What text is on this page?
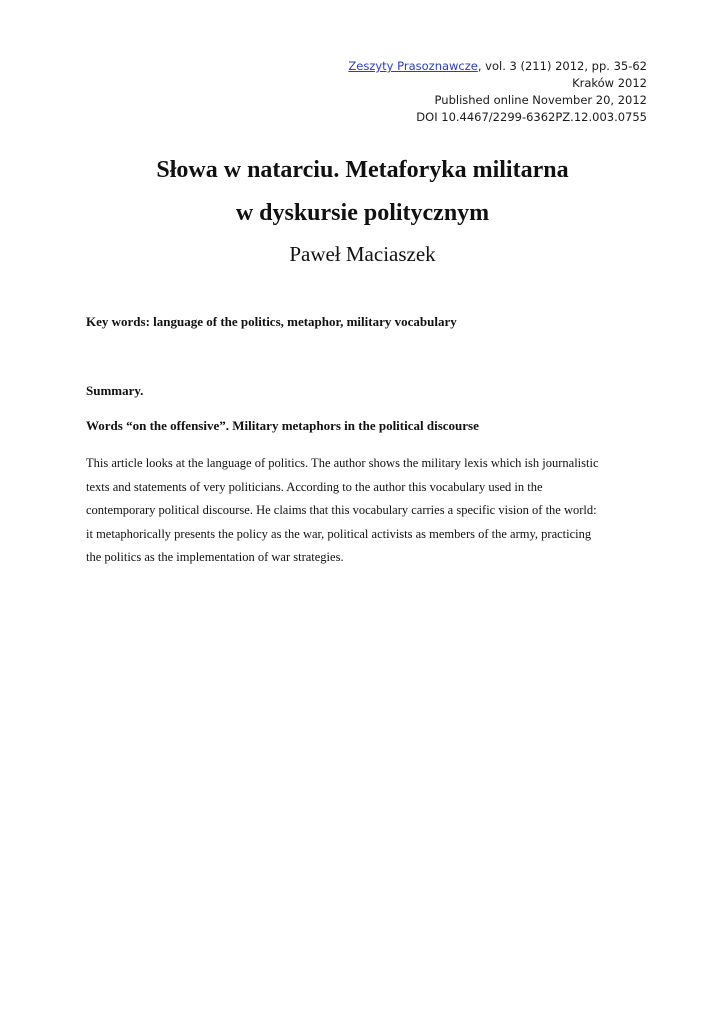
Zeszyty Prasoznawcze, vol. 3 (211) 2012, pp. 35-62
Kraków 2012
Published online November 20, 2012
DOI 10.4467/2299-6362PZ.12.003.0755
Słowa w natarciu. Metaforyka militarna
w dyskursie politycznym
Paweł Maciaszek
Key words: language of the politics, metaphor, military vocabulary
Summary.
Words “on the offensive”. Military metaphors in the political discourse
This article looks at the language of politics. The author shows the military lexis which ish journalistic
texts and statements of very politicians. According to the author this vocabulary used in the
contemporary political discourse. He claims that this vocabulary carries a specific vision of the world:
it metaphorically presents the policy as the war, political activists as members of the army, practicing
the politics as the implementation of war strategies.
